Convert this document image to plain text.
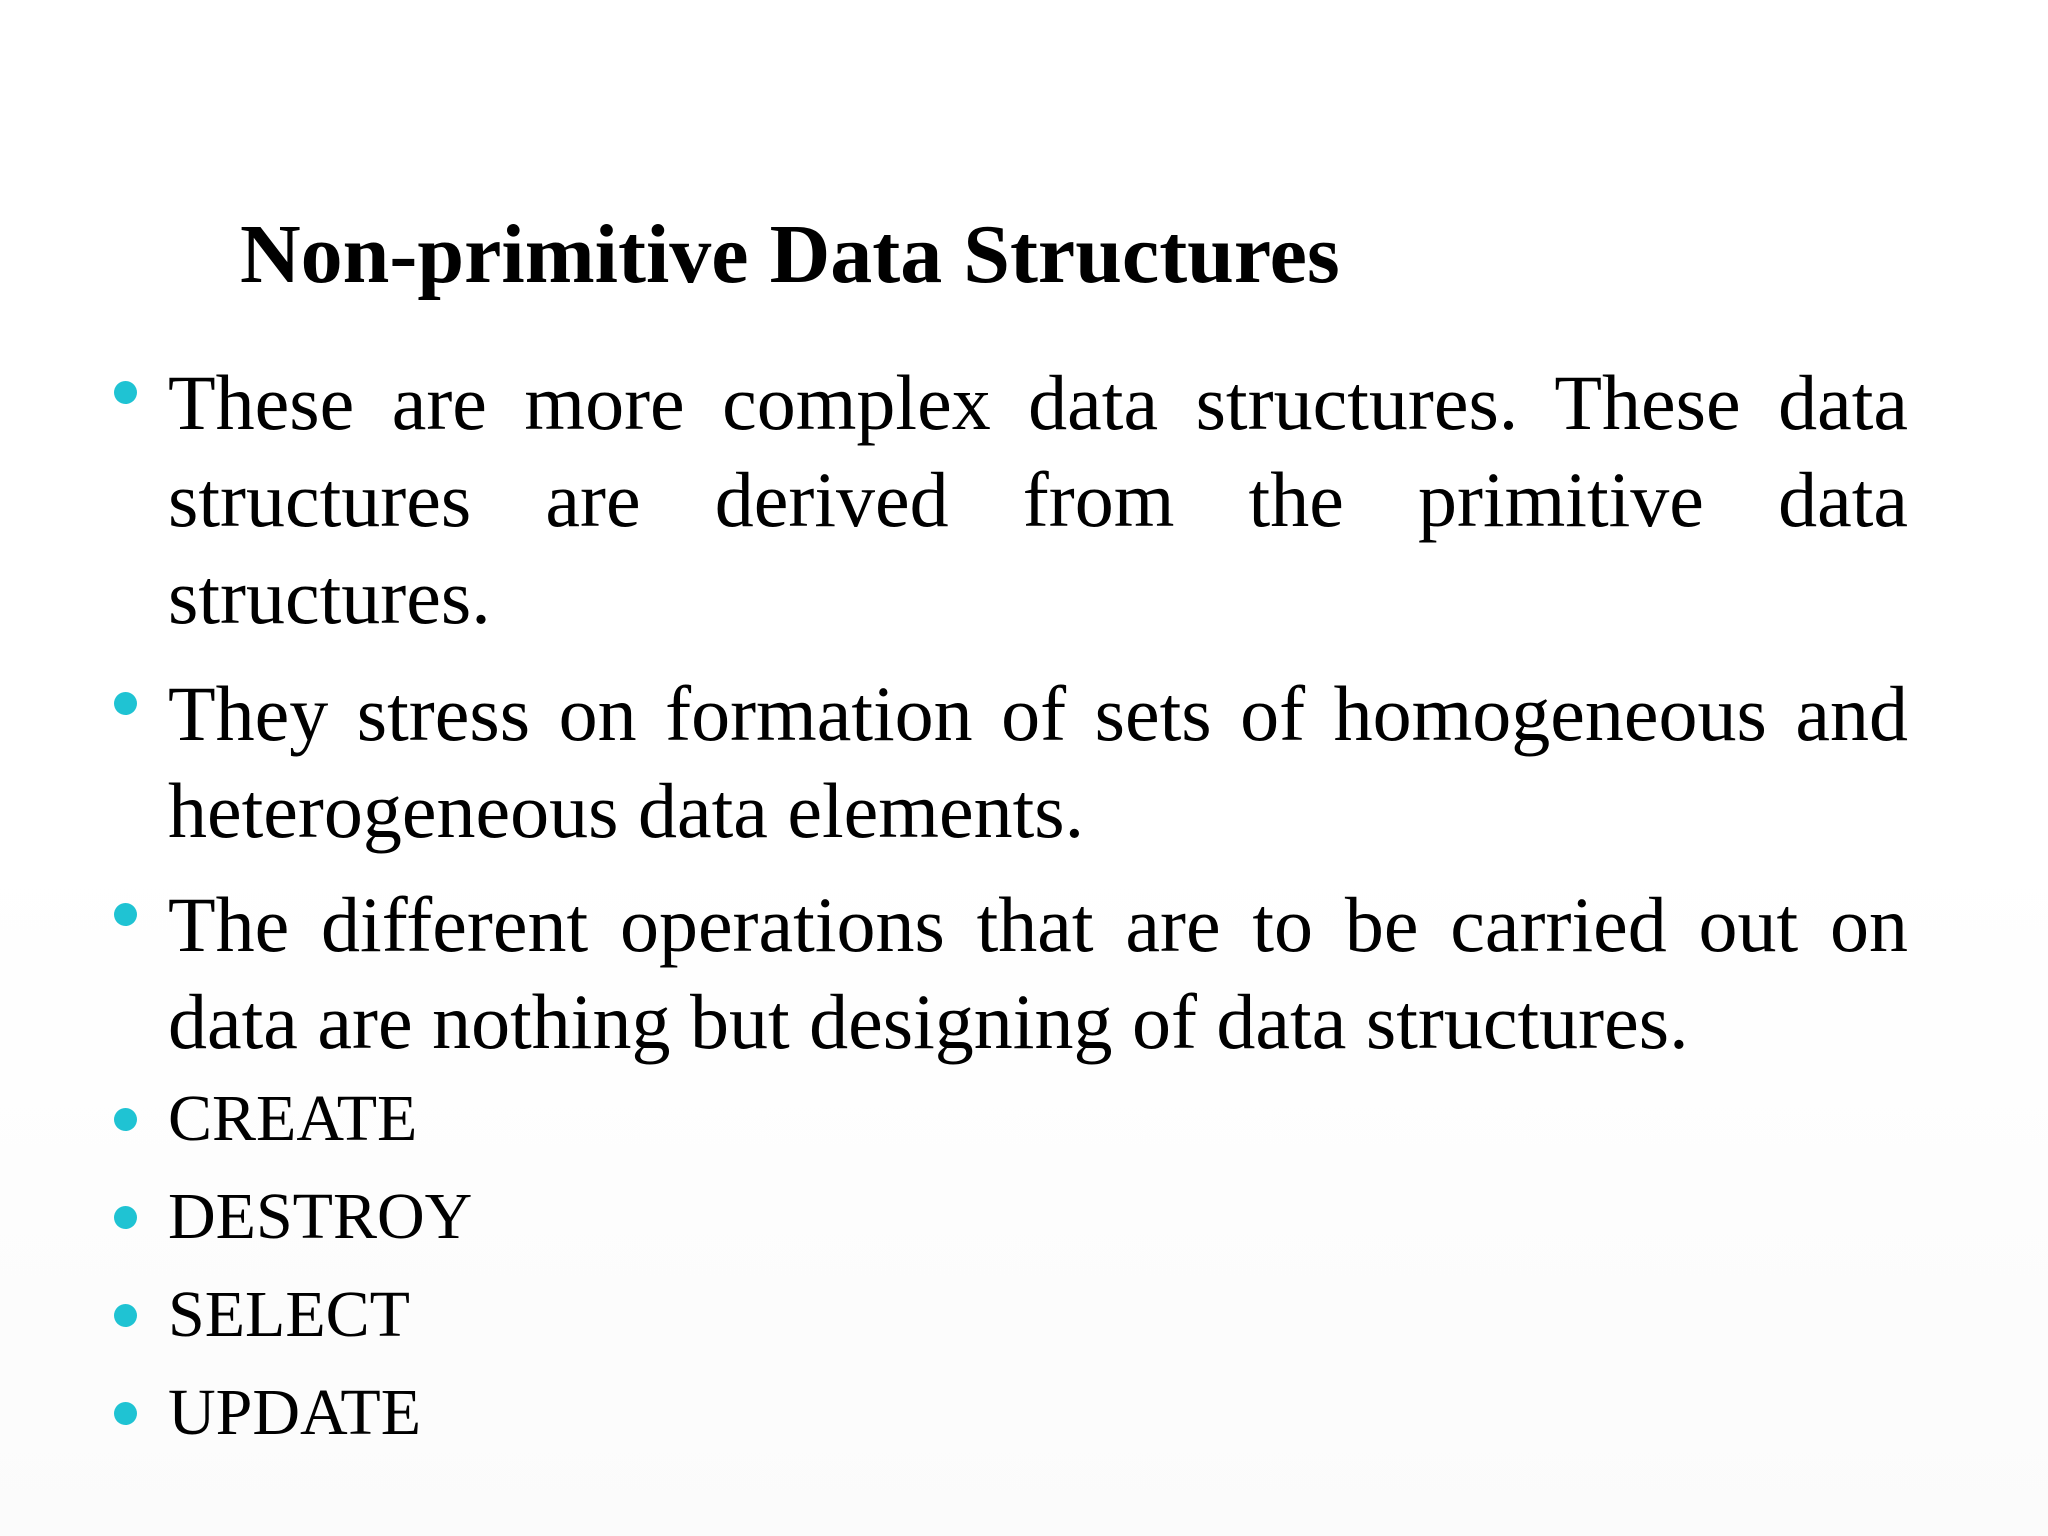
Non-primitive Data Structures
These are more complex data structures. These data
structures are derived from the primitive data
structures.
They stress on formation of sets of homogeneous and
heterogeneous data elements.
The different operations that are to be carried out on
data are nothing but designing of data structures.
CREATE
DESTROY
SELECT
UPDATE
